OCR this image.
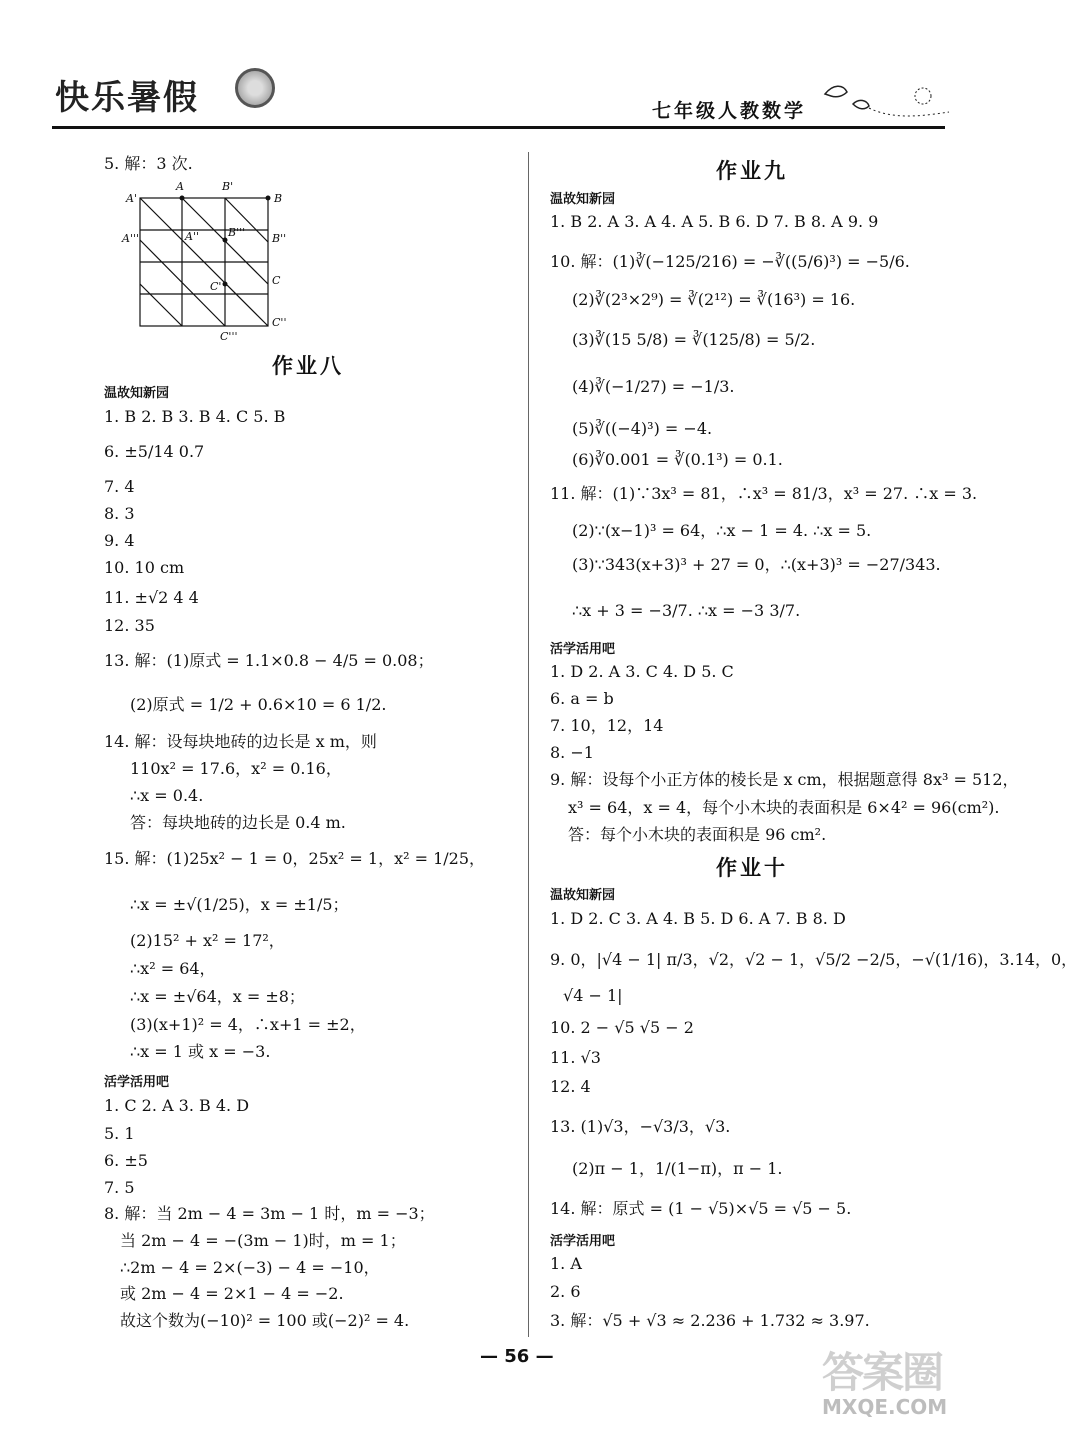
快乐暑假	七年级人教数学
5. 解：3 次.
A	B'
B
A'
A''	B''' B''
A'''
C
C'
C'''
C''
作业八
温故知新园
1. B 2. B 3. B 4. C 5. B
6. ±5/14 0.7
7. 4
8. 3
9. 4
10. 10 cm
11. ±√2 4 4
12. 35
13. 解：(1)原式 = 1.1×0.8 − 4/5 = 0.08；
(2)原式 = 1/2 + 0.6×10 = 6 1/2.
14. 解：设每块地砖的边长是 x m，则
110x² = 17.6，x² = 0.16，
∴x = 0.4.
答：每块地砖的边长是 0.4 m.
15. 解：(1)25x² − 1 = 0，25x² = 1，x² = 1/25，
∴x = ±√(1/25)，x = ±1/5；
(2)15² + x² = 17²，
∴x² = 64，
∴x = ±√64，x = ±8；
(3)(x+1)² = 4，∴x+1 = ±2，
∴x = 1 或 x = −3.
活学活用吧
1. C 2. A 3. B 4. D
5. 1
6. ±5
7. 5
8. 解：当 2m − 4 = 3m − 1 时，m = −3；
当 2m − 4 = −(3m − 1)时，m = 1；
∴2m − 4 = 2×(−3) − 4 = −10，
或 2m − 4 = 2×1 − 4 = −2.
故这个数为(−10)² = 100 或(−2)² = 4.
作业九
温故知新园
1. B 2. A 3. A 4. A 5. B 6. D 7. B 8. A 9. 9
10. 解：(1)∛(−125/216) = −∛((5/6)³) = −5/6.
(2)∛(2³×2⁹) = ∛(2¹²) = ∛(16³) = 16.
(3)∛(15 5/8) = ∛(125/8) = 5/2.
(4)∛(−1/27) = −1/3.
(5)∛((−4)³) = −4.
(6)∛0.001 = ∛(0.1³) = 0.1.
11. 解：(1)∵3x³ = 81，∴x³ = 81/3，x³ = 27. ∴x = 3.
(2)∵(x−1)³ = 64，∴x − 1 = 4. ∴x = 5.
(3)∵343(x+3)³ + 27 = 0，∴(x+3)³ = −27/343.
∴x + 3 = −3/7. ∴x = −3 3/7.
活学活用吧
1. D 2. A 3. C 4. D 5. C
6. a = b
7. 10，12，14
8. −1
9. 解：设每个小正方体的棱长是 x cm，根据题意得 8x³ = 512，
x³ = 64，x = 4，每个小木块的表面积是 6×4² = 96(cm²).
答：每个小木块的表面积是 96 cm².
作业十
温故知新园
1. D 2. C 3. A 4. B 5. D 6. A 7. B 8. D
9. 0，|√4 − 1| π/3，√2，√2 − 1，√5/2 −2/5，−√(1/16)，3.14，0，
√4 − 1|
10. 2 − √5 √5 − 2
11. √3
12. 4
13. (1)√3，−√3/3，√3.
(2)π − 1，1/(1−π)，π − 1.
14. 解：原式 = (1 − √5)×√5 = √5 − 5.
活学活用吧
1. A
2. 6
3. 解：√5 + √3 ≈ 2.236 + 1.732 ≈ 3.97.
— 56 —	答案圈
MXQE.COM
